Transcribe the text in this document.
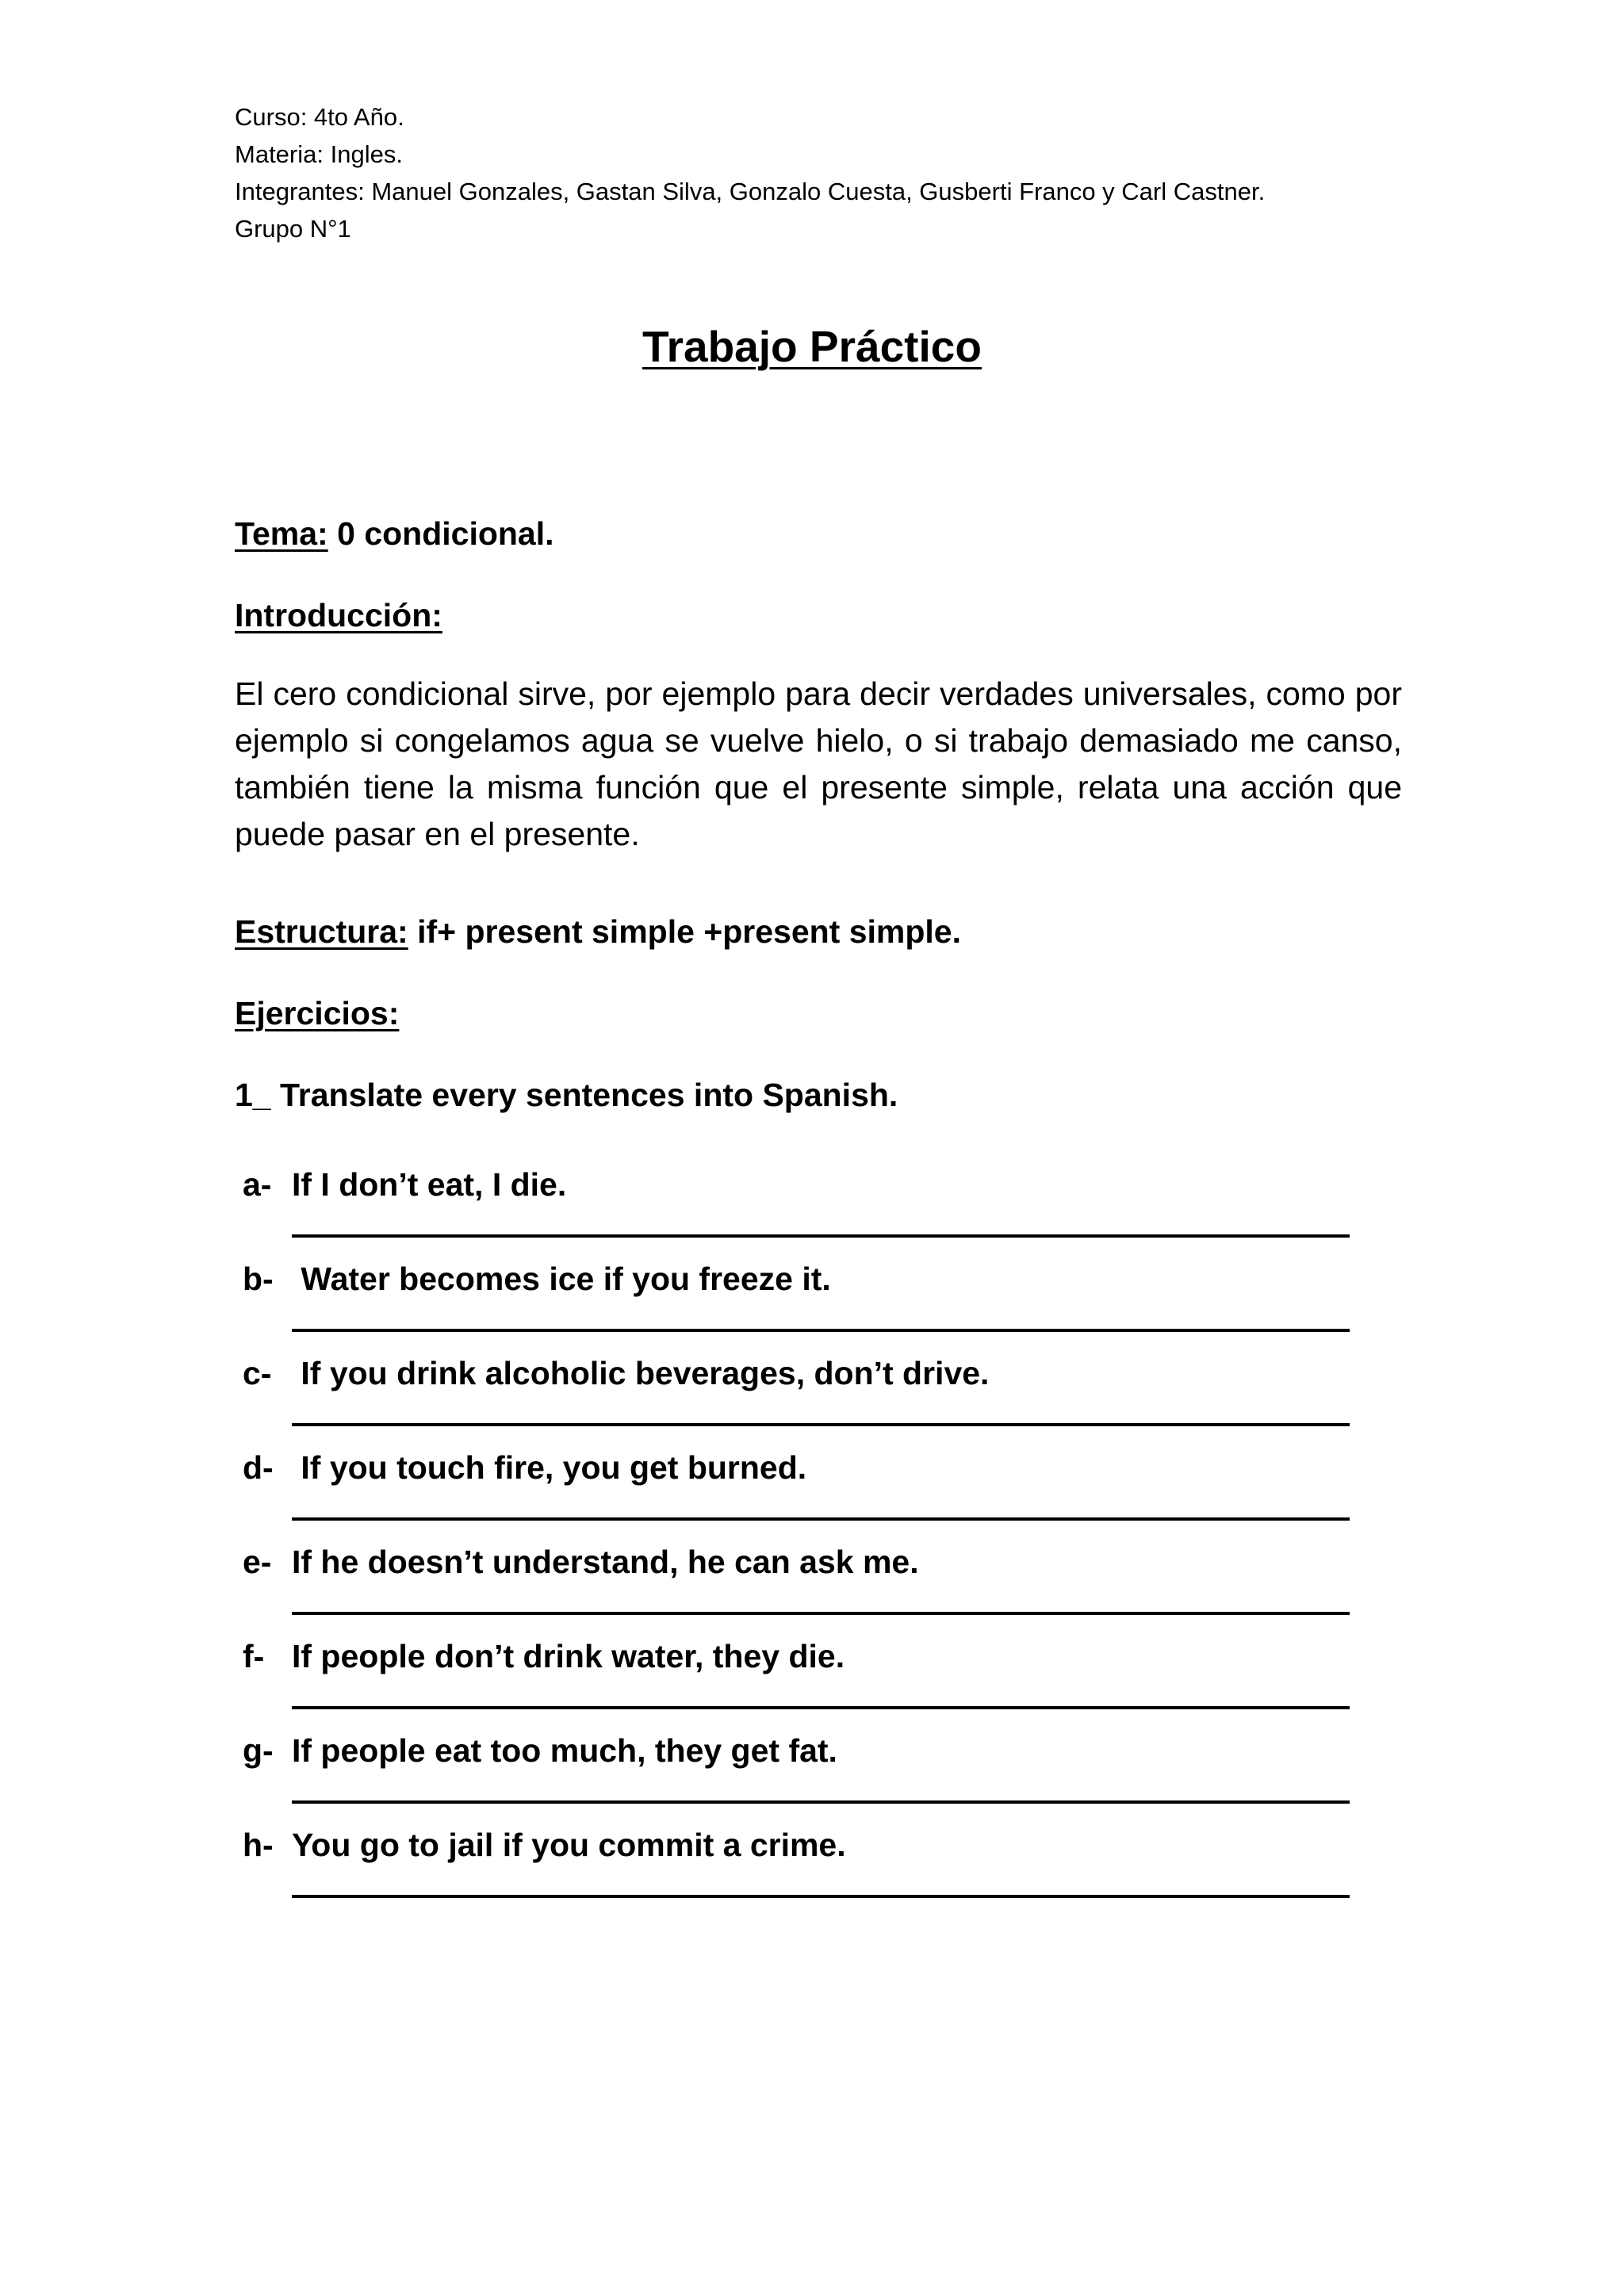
Curso: 4to Año.
Materia: Ingles.
Integrantes: Manuel Gonzales, Gastan Silva, Gonzalo Cuesta, Gusberti Franco y Carl Castner.
Grupo N°1
Trabajo Práctico
Tema: 0 condicional.
Introducción:
El cero condicional sirve, por ejemplo para decir verdades universales, como por ejemplo si congelamos agua se vuelve hielo, o si trabajo demasiado me canso, también tiene la misma función que el presente simple, relata una acción que puede pasar en el presente.
Estructura: if+ present simple +present simple.
Ejercicios:
1_ Translate every sentences into Spanish.
a- If I don’t eat, I die.
b- Water becomes ice if you freeze it.
c- If you drink alcoholic beverages, don’t drive.
d- If you touch fire, you get burned.
e- If he doesn’t understand, he can ask me.
f- If people don’t drink water, they die.
g- If people eat too much, they get fat.
h- You go to jail if you commit a crime.
